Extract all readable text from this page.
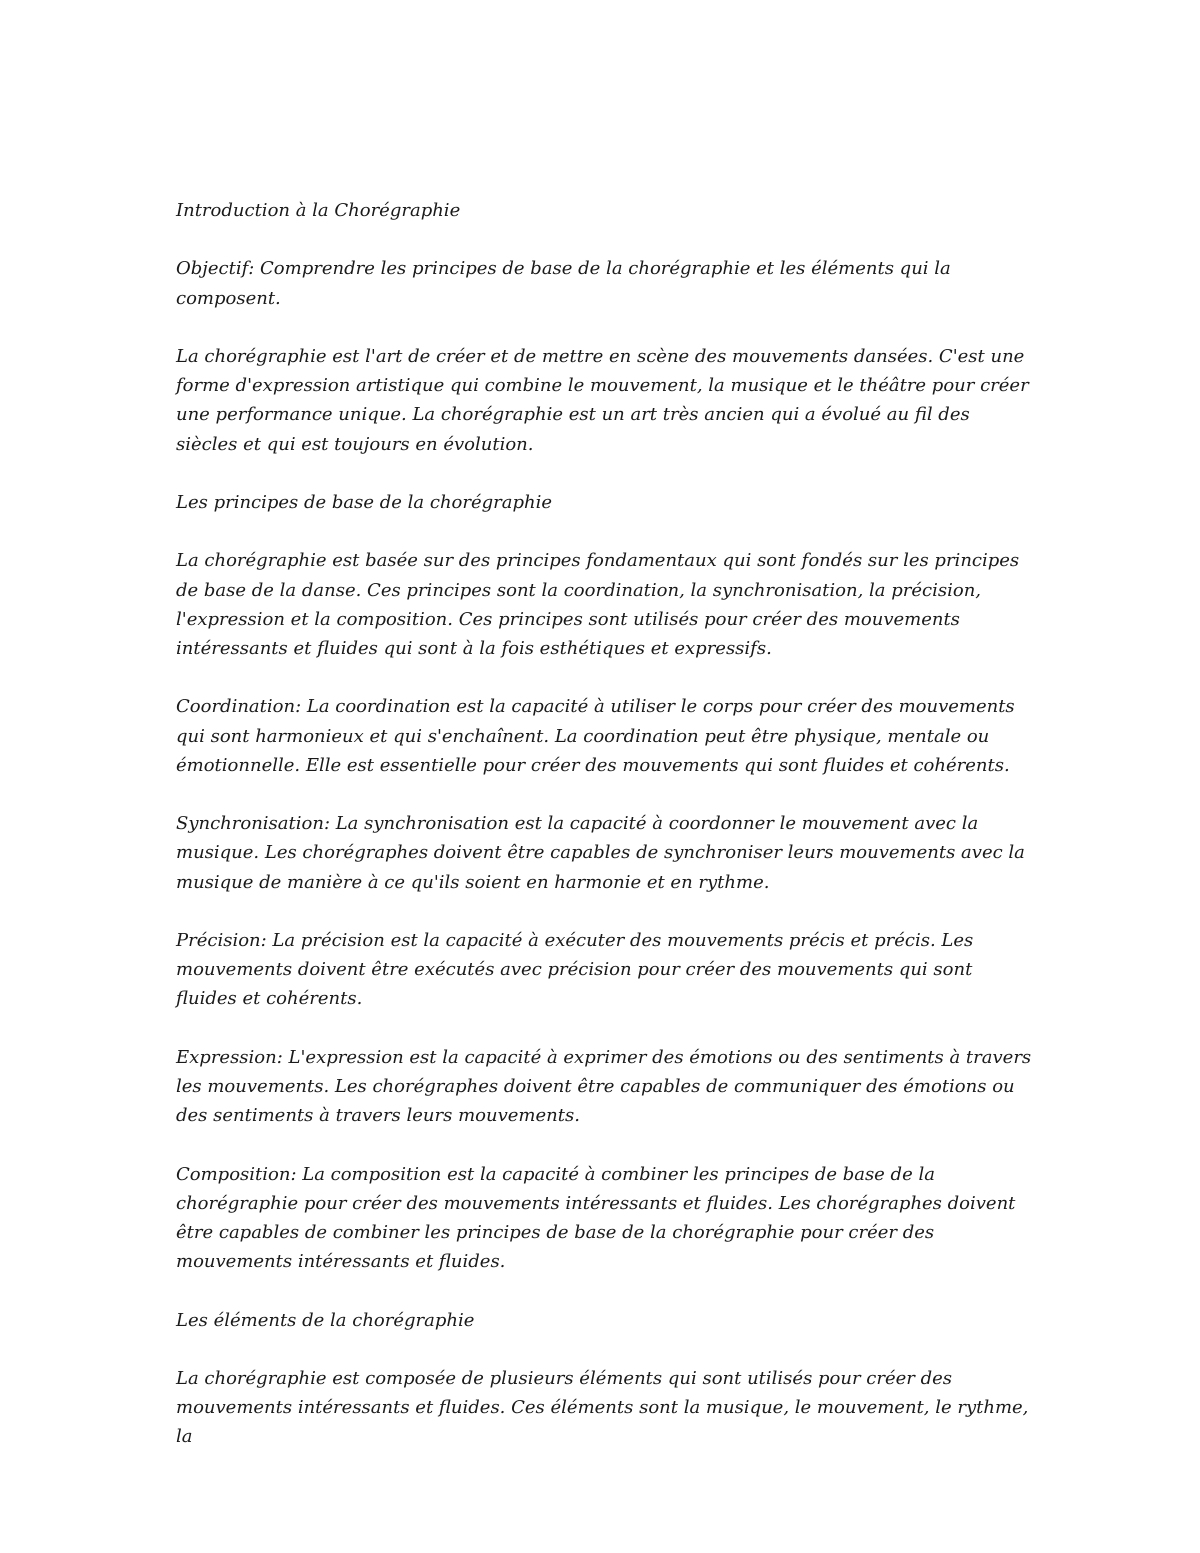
Introduction à la Chorégraphie

Objectif: Comprendre les principes de base de la chorégraphie et les éléments qui la composent.

La chorégraphie est l'art de créer et de mettre en scène des mouvements dansées. C'est une forme d'expression artistique qui combine le mouvement, la musique et le théâtre pour créer une performance unique. La chorégraphie est un art très ancien qui a évolué au fil des siècles et qui est toujours en évolution.

Les principes de base de la chorégraphie

La chorégraphie est basée sur des principes fondamentaux qui sont fondés sur les principes de base de la danse. Ces principes sont la coordination, la synchronisation, la précision, l'expression et la composition. Ces principes sont utilisés pour créer des mouvements intéressants et fluides qui sont à la fois esthétiques et expressifs.

Coordination: La coordination est la capacité à utiliser le corps pour créer des mouvements qui sont harmonieux et qui s'enchaînent. La coordination peut être physique, mentale ou émotionnelle. Elle est essentielle pour créer des mouvements qui sont fluides et cohérents.

Synchronisation: La synchronisation est la capacité à coordonner le mouvement avec la musique. Les chorégraphes doivent être capables de synchroniser leurs mouvements avec la musique de manière à ce qu'ils soient en harmonie et en rythme.

Précision: La précision est la capacité à exécuter des mouvements précis et précis. Les mouvements doivent être exécutés avec précision pour créer des mouvements qui sont fluides et cohérents.

Expression: L'expression est la capacité à exprimer des émotions ou des sentiments à travers les mouvements. Les chorégraphes doivent être capables de communiquer des émotions ou des sentiments à travers leurs mouvements.

Composition: La composition est la capacité à combiner les principes de base de la chorégraphie pour créer des mouvements intéressants et fluides. Les chorégraphes doivent être capables de combiner les principes de base de la chorégraphie pour créer des mouvements intéressants et fluides.

Les éléments de la chorégraphie

La chorégraphie est composée de plusieurs éléments qui sont utilisés pour créer des mouvements intéressants et fluides. Ces éléments sont la musique, le mouvement, le rythme, la
